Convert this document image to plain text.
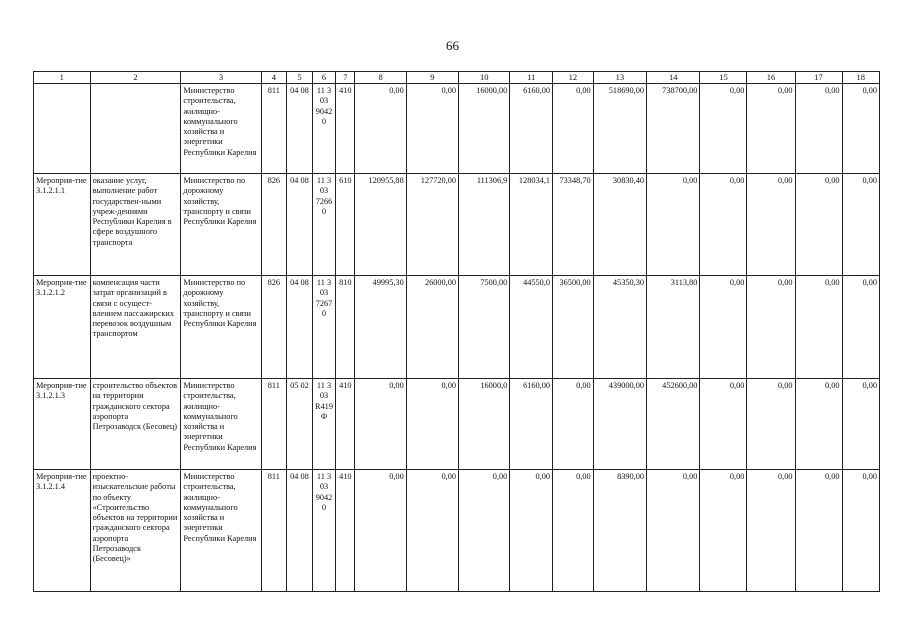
66
1	2	3	4	5	6	7	8	9	10	11	12	13	14	15	16	17	18
		Министерство строительства, жилищно-коммунального хозяйства и энергетики Республики Карелия	811	04 08	11 3 03 9042 0	410	0,00	0,00	16000,00	6160,00	0,00	518690,00	738700,00	0,00	0,00	0,00	0,00
Мероприя-тие 3.1.2.1.1	оказание услуг, выполнение работ государствен-ными учреж-дениями Республики Карелия в сфере воздушного транспорта	Министерство по дорожному хозяйству, транспорту и связи Республики Карелия	826	04 08	11 3 03 7266 0	610	120955,88	127720,00	111306,9	128034,1	73348,70	30830,40	0,00	0,00	0,00	0,00	0,00
Мероприя-тие 3.1.2.1.2	компенсация части затрат организаций в связи с осущест-влением пассажирских перевозок воздушным транспортом	Министерство по дорожному хозяйству, транспорту и связи Республики Карелия	826	04 08	11 3 03 7267 0	810	49995,30	26000,00	7500,00	44550,0	36500,00	45350,30	3113,80	0,00	0,00	0,00	0,00
Мероприя-тие 3.1.2.1.3	строительство объектов на территории гражданского сектора аэропорта Петрозаводск (Бесовец)	Министерство строительства, жилищно-коммунального хозяйства и энергетики Республики Карелия	811	05 02	11 3 03 R419 Ф	410	0,00	0,00	16000,0	6160,00	0,00	439000,00	452600,00	0,00	0,00	0,00	0,00
Мероприя-тие 3.1.2.1.4	проектно-изыскательские работы по объекту «Строительство объектов на территории гражданского сектора аэропорта Петрозаводск (Бесовец)»	Министерство строительства, жилищно-коммунального хозяйства и энергетики Республики Карелия	811	04 08	11 3 03 9042 0	410	0,00	0,00	0,00	0,00	0,00	8390,00	0,00	0,00	0,00	0,00	0,00
